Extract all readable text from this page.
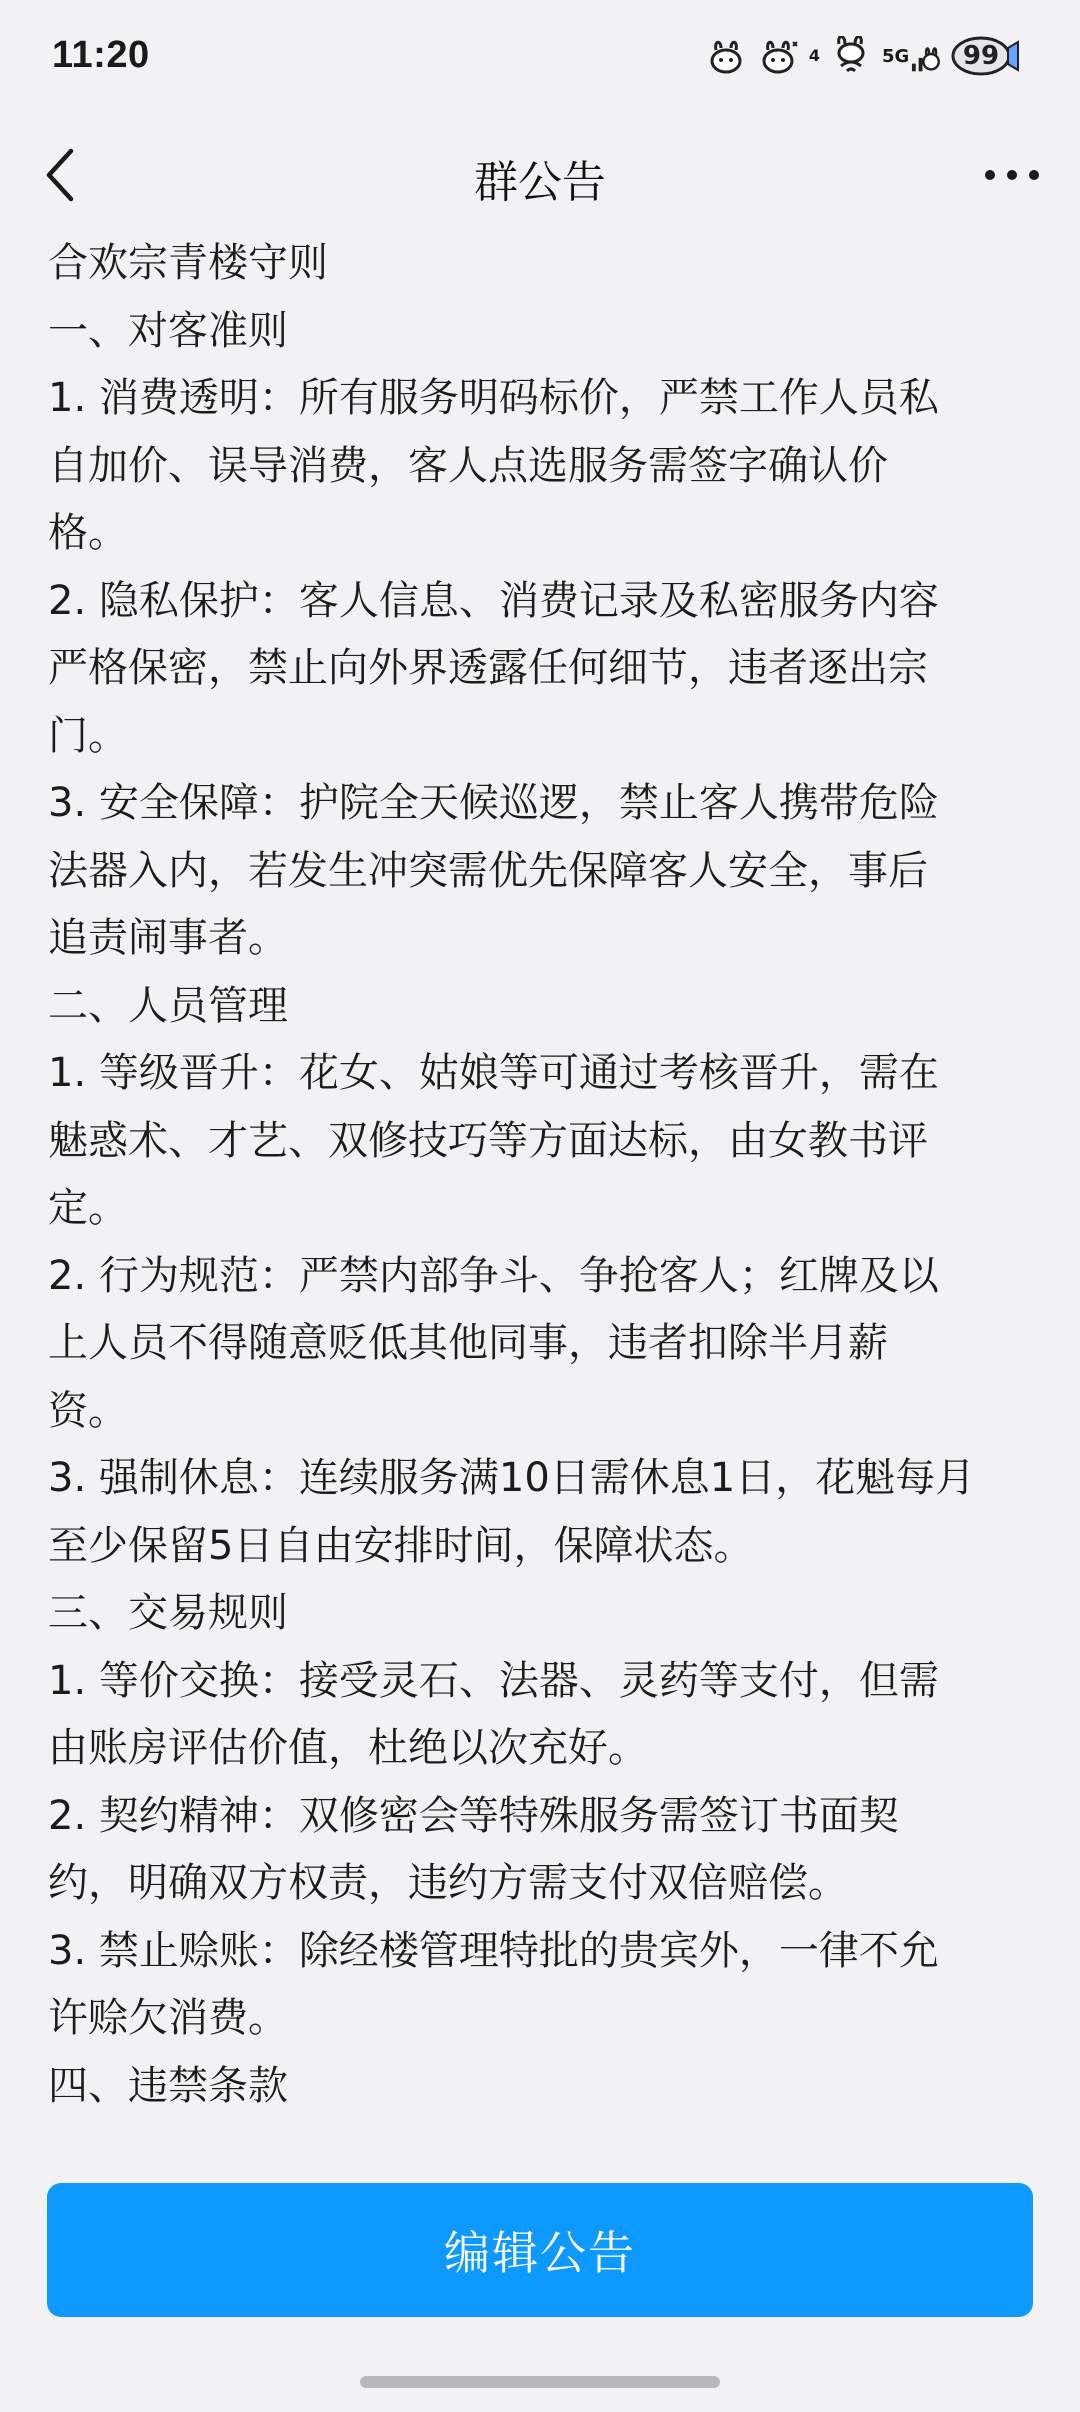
11:20	4	5G	99
群公告
合欢宗青楼守则
一、对客准则
1. 消费透明：所有服务明码标价，严禁工作人员私
自加价、误导消费，客人点选服务需签字确认价
格。
2. 隐私保护：客人信息、消费记录及私密服务内容
严格保密，禁止向外界透露任何细节，违者逐出宗
门。
3. 安全保障：护院全天候巡逻，禁止客人携带危险
法器入内，若发生冲突需优先保障客人安全，事后
追责闹事者。
二、人员管理
1. 等级晋升：花女、姑娘等可通过考核晋升，需在
魅惑术、才艺、双修技巧等方面达标，由女教书评
定。
2. 行为规范：严禁内部争斗、争抢客人；红牌及以
上人员不得随意贬低其他同事，违者扣除半月薪
资。
3. 强制休息：连续服务满10日需休息1日，花魁每月
至少保留5日自由安排时间，保障状态。
三、交易规则
1. 等价交换：接受灵石、法器、灵药等支付，但需
由账房评估价值，杜绝以次充好。
2. 契约精神：双修密会等特殊服务需签订书面契
约，明确双方权责，违约方需支付双倍赔偿。
3. 禁止赊账：除经楼管理特批的贵宾外，一律不允
许赊欠消费。
四、违禁条款
编辑公告
